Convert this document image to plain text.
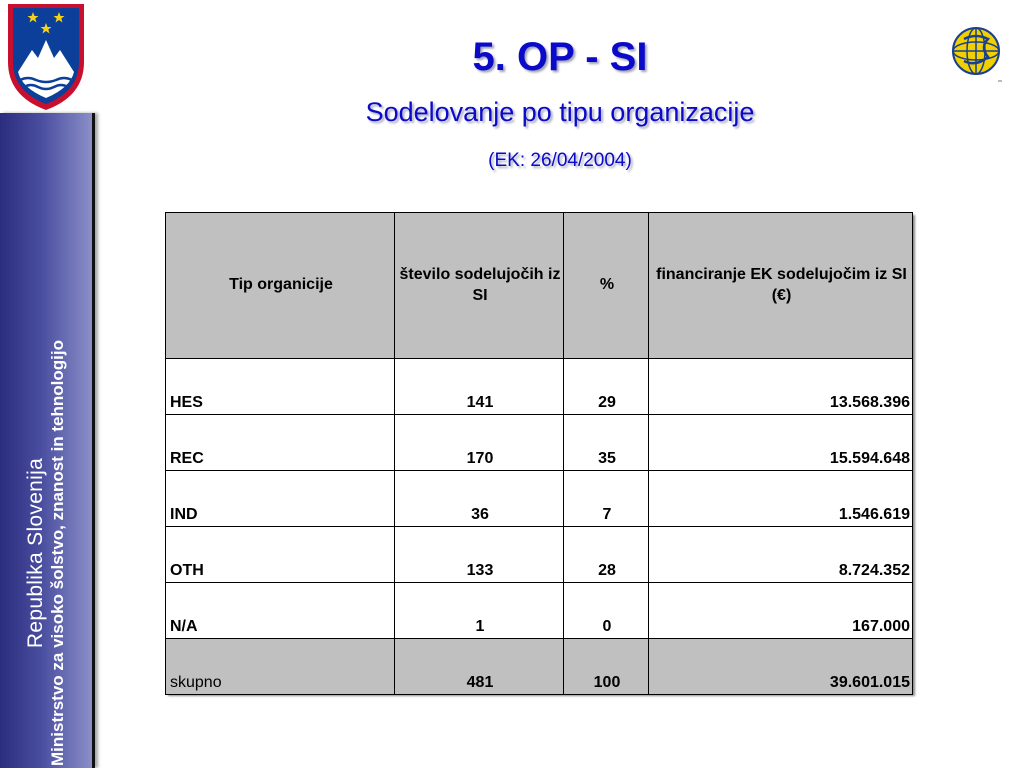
Republika Slovenija Ministrstvo za visoko šolstvo, znanost in tehnologijo
5. OP - SI
Sodelovanje po tipu organizacije
(EK: 26/04/2004)
Tip organicije	število sodelujočih iz SI	%	financiranje EK sodelujočim iz SI (€)
HES	141	29	13.568.396
REC	170	35	15.594.648
IND	36	7	1.546.619
OTH	133	28	8.724.352
N/A	1	0	167.000
skupno	481	100	39.601.015
